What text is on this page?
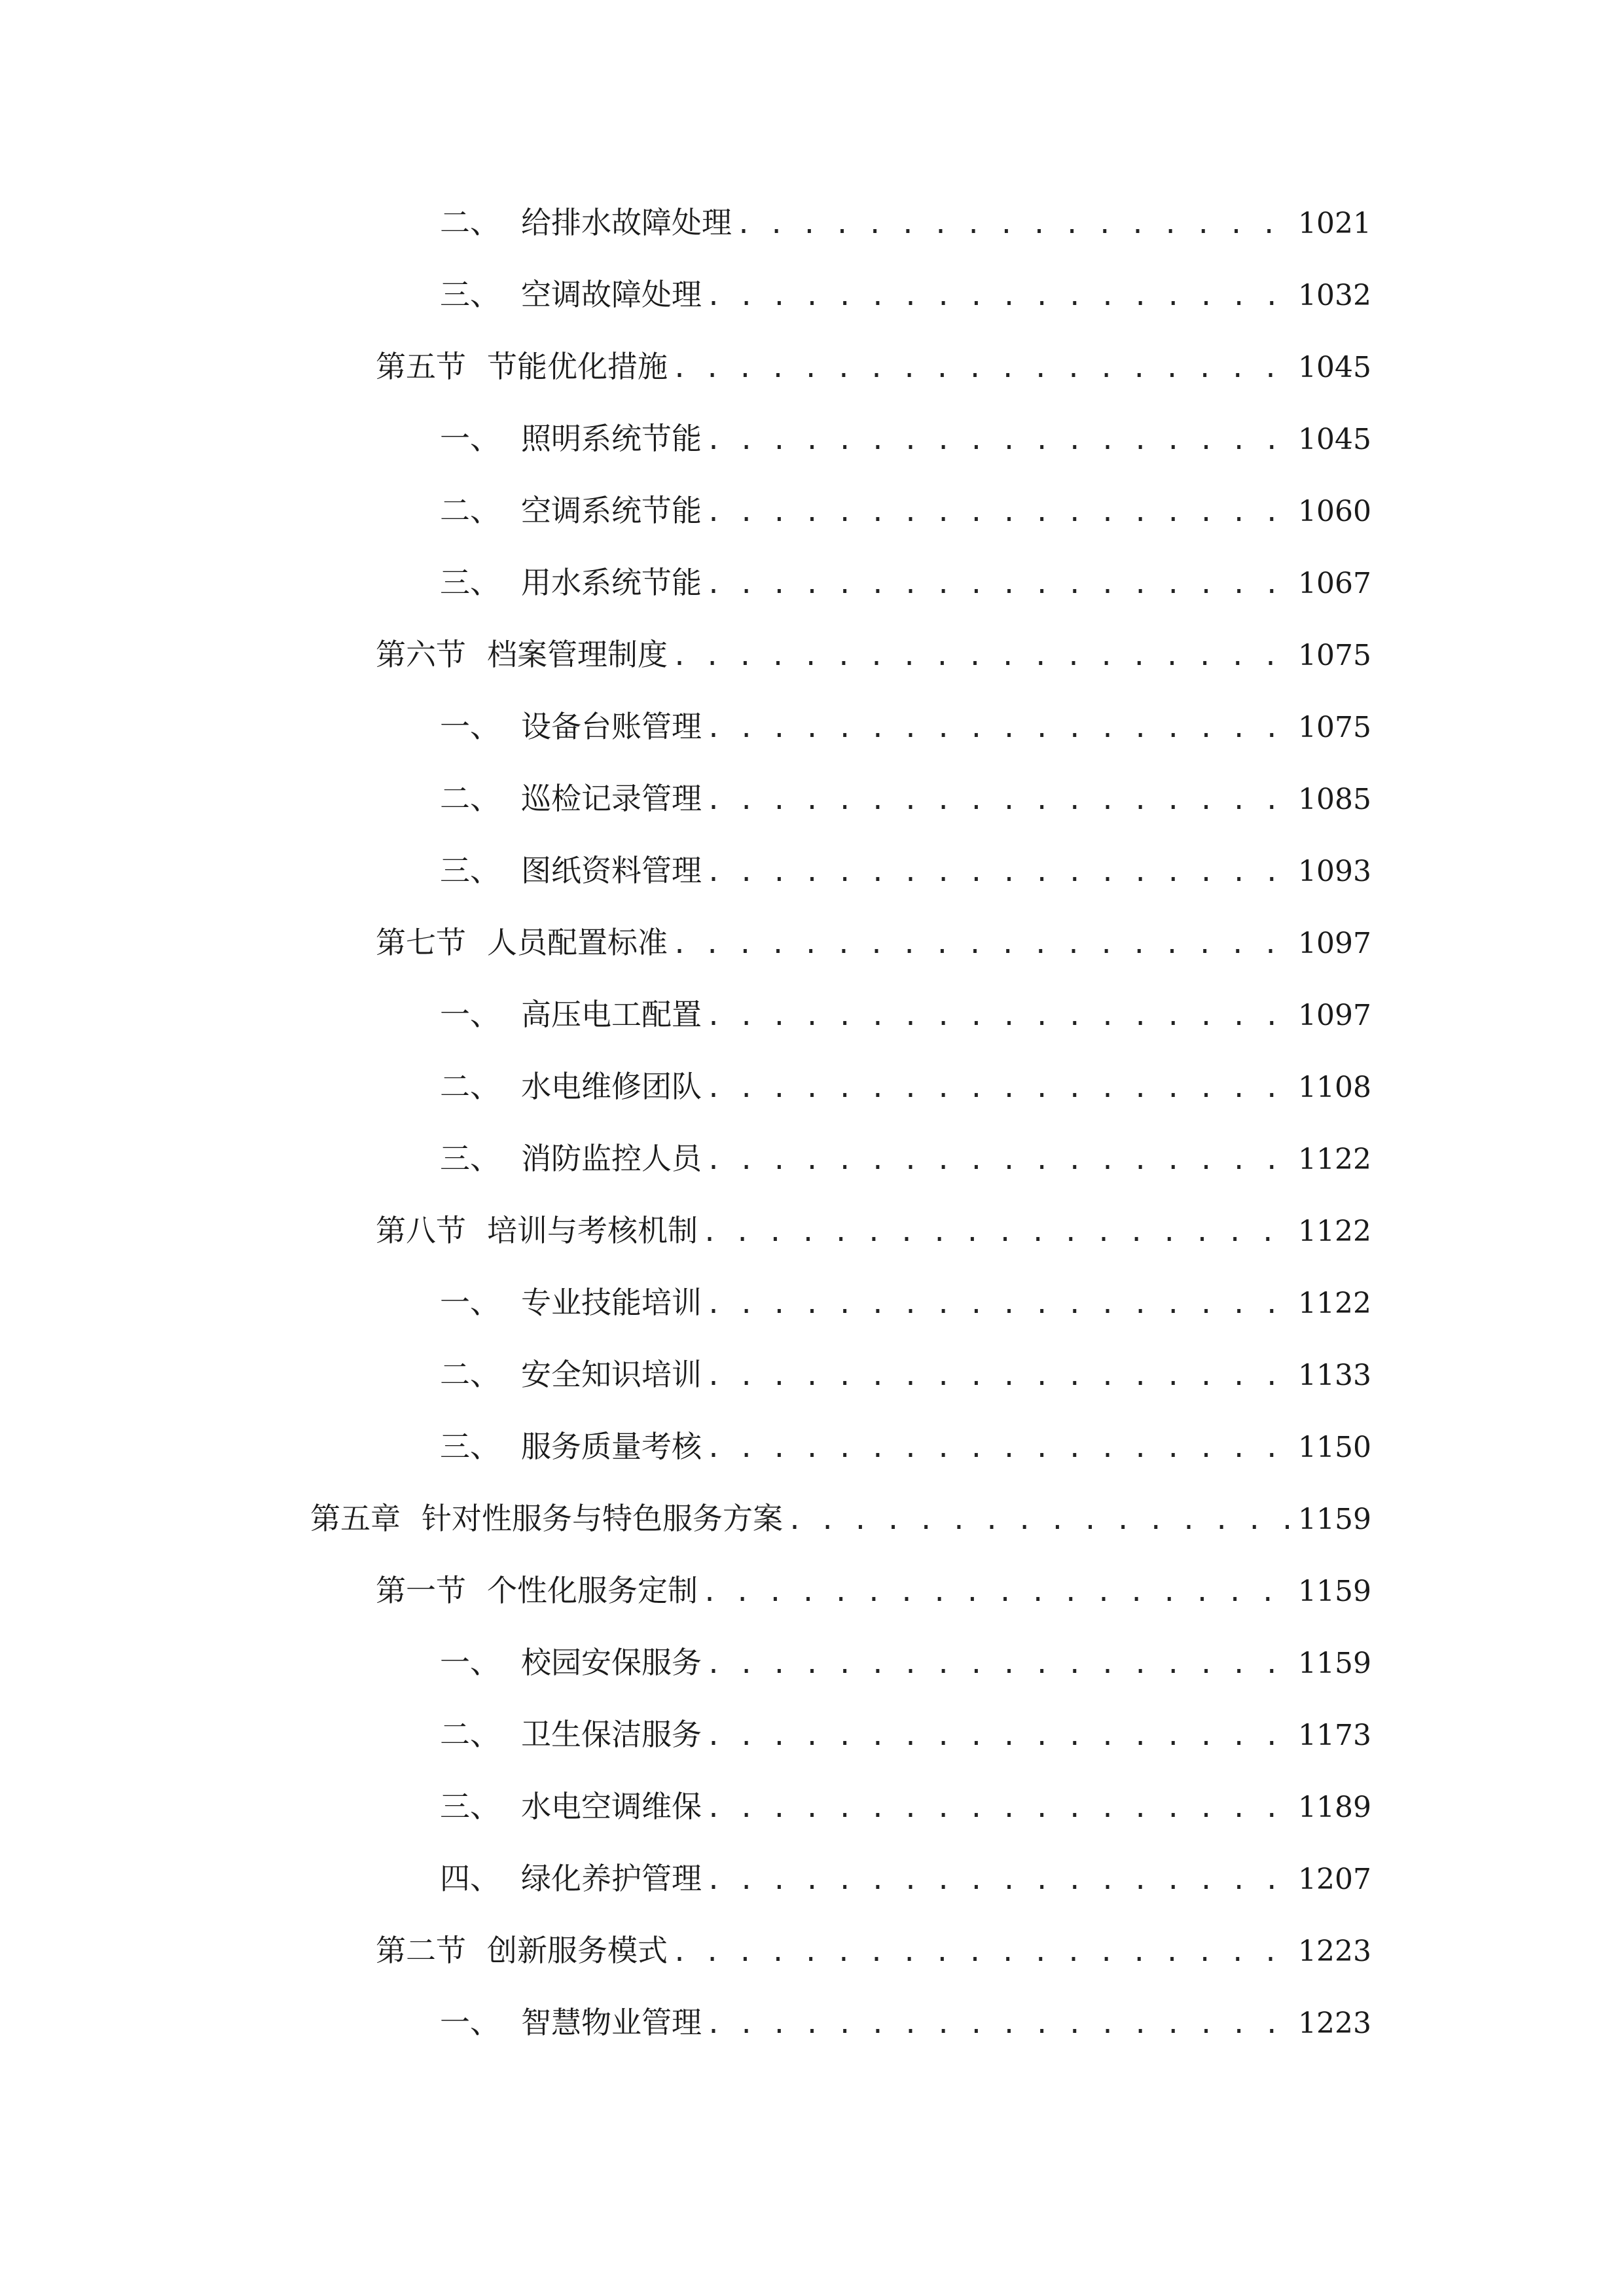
二、 给排水故障处理 . . .	1021
三、 空调故障处理 . . .	1032
第五节 节能优化措施 . . .	1045
一、 照明系统节能 . . .	1045
二、 空调系统节能 . . .	1060
三、 用水系统节能 . . .	1067
第六节 档案管理制度 . . .	1075
一、 设备台账管理 . . .	1075
二、 巡检记录管理 . . .	1085
三、 图纸资料管理 . . .	1093
第七节 人员配置标准 . . .	1097
一、 高压电工配置 . . .	1097
二、 水电维修团队 . . .	1108
三、 消防监控人员 . . .	1122
第八节 培训与考核机制 . . .	1122
一、 专业技能培训 . . .	1122
二、 安全知识培训 . . .	1133
三、 服务质量考核 . . .	1150
第五章 针对性服务与特色服务方案 . . .	1159
第一节 个性化服务定制 . . .	1159
一、 校园安保服务 . . .	1159
二、 卫生保洁服务 . . .	1173
三、 水电空调维保 . . .	1189
四、 绿化养护管理 . . .	1207
第二节 创新服务模式 . . .	1223
一、 智慧物业管理 . . .	1223
